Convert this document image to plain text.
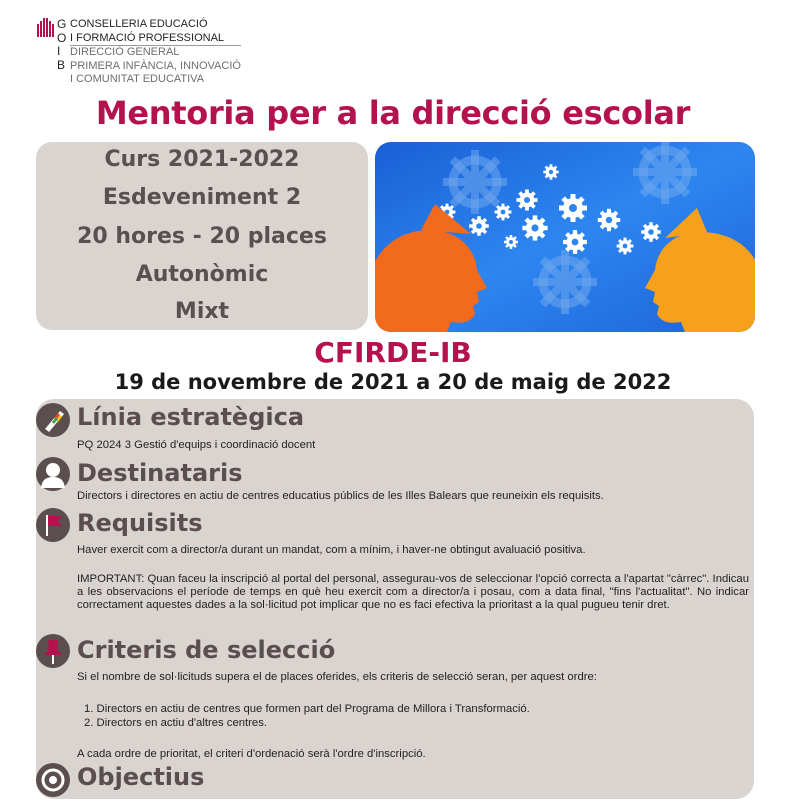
G
O
I
B
CONSELLERIA EDUCACIÓ
I FORMACIÓ PROFESSIONAL
DIRECCIÓ GENERAL
PRIMERA INFÀNCIA, INNOVACIÓ
I COMUNITAT EDUCATIVA
Mentoria per a la direcció escolar
Curs 2021-2022
Esdeveniment 2
20 hores - 20 places
Autonòmic
Mixt
CFIRDE-IB
19 de novembre de 2021 a 20 de maig de 2022
Línia estratègica
PQ 2024 3 Gestió d'equips i coordinació docent
Destinataris
Directors i directores en actiu de centres educatius públics de les Illes Balears que reuneixin els requisits.
Requisits
Haver exercit com a director/a durant un mandat, com a mínim, i haver-ne obtingut avaluació positiva.
IMPORTANT: Quan faceu la inscripció al portal del personal, assegurau-vos de seleccionar l'opció correcta a l'apartat "càrrec". Indicau a les observacions el període de temps en què heu exercit com a director/a i posau, com a data final, "fins l'actualitat". No indicar correctament aquestes dades a la sol·licitud pot implicar que no es faci efectiva la prioritast a la qual pugueu tenir dret.
Criteris de selecció
Si el nombre de sol·licituds supera el de places oferides, els criteris de selecció seran, per aquest ordre:
1. Directors en actiu de centres que formen part del Programa de Millora i Transformació.
2. Directors en actiu d'altres centres.
A cada ordre de prioritat, el criteri d'ordenació serà l'ordre d'inscripció.
Objectius
